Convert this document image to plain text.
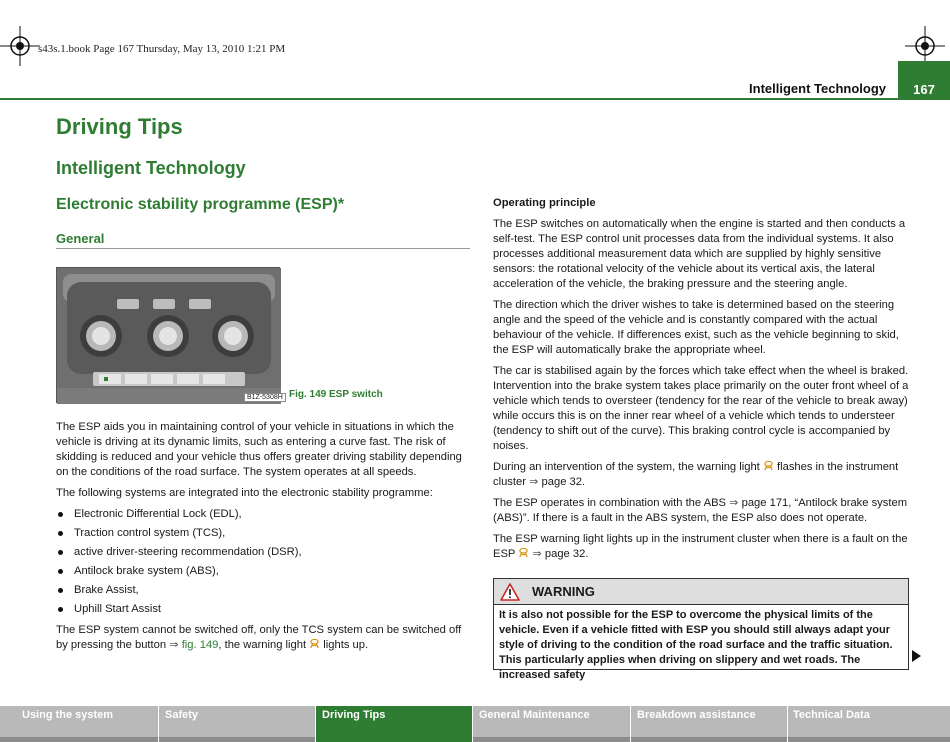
s43s.1.book Page 167 Thursday, May 13, 2010 1:21 PM
Intelligent Technology	167
Driving Tips
Intelligent Technology
Electronic stability programme (ESP)*
General
B1Z-5308H Fig. 149 ESP switch

The ESP aids you in maintaining control of your vehicle in situations in which the vehicle is driving at its dynamic limits, such as entering a curve fast. The risk of skidding is reduced and your vehicle thus offers greater driving stability depending on the conditions of the road surface. The system operates at all speeds.

The following systems are integrated into the electronic stability programme:

Electronic Differential Lock (EDL),
Traction control system (TCS),
active driver-steering recommendation (DSR),
Antilock brake system (ABS),
Brake Assist,
Uphill Start Assist

The ESP system cannot be switched off, only the TCS system can be switched off by pressing the button ⇒ fig. 149, the warning light  lights up.

Operating principle

The ESP switches on automatically when the engine is started and then conducts a self-test. The ESP control unit processes data from the individual systems. It also processes additional measurement data which are supplied by highly sensitive sensors: the rotational velocity of the vehicle about its vertical axis, the lateral acceleration of the vehicle, the braking pressure and the steering angle.

The direction which the driver wishes to take is determined based on the steering angle and the speed of the vehicle and is constantly compared with the actual behaviour of the vehicle. If differences exist, such as the vehicle beginning to skid, the ESP will automatically brake the appropriate wheel.

The car is stabilised again by the forces which take effect when the wheel is braked. Intervention into the brake system takes place primarily on the outer front wheel of a vehicle which tends to oversteer (tendency for the rear of the vehicle to break away) while occurs this is on the inner rear wheel of a vehicle which tends to understeer (tendency to shift out of the curve). This braking control cycle is accompanied by noises.

During an intervention of the system, the warning light  flashes in the instrument cluster ⇒ page 32.

The ESP operates in combination with the ABS ⇒ page 171, “Antilock brake system (ABS)”. If there is a fault in the ABS system, the ESP also does not operate.

The ESP warning light lights up in the instrument cluster when there is a fault on the ESP  ⇒ page 32.

WARNING
It is also not possible for the ESP to overcome the physical limits of the vehicle. Even if a vehicle fitted with ESP you should still always adapt your style of driving to the condition of the road surface and the traffic situation. This particularly applies when driving on slippery and wet roads. The increased safety
Using the system	Safety	Driving Tips	General Maintenance	Breakdown assistance	Technical Data
